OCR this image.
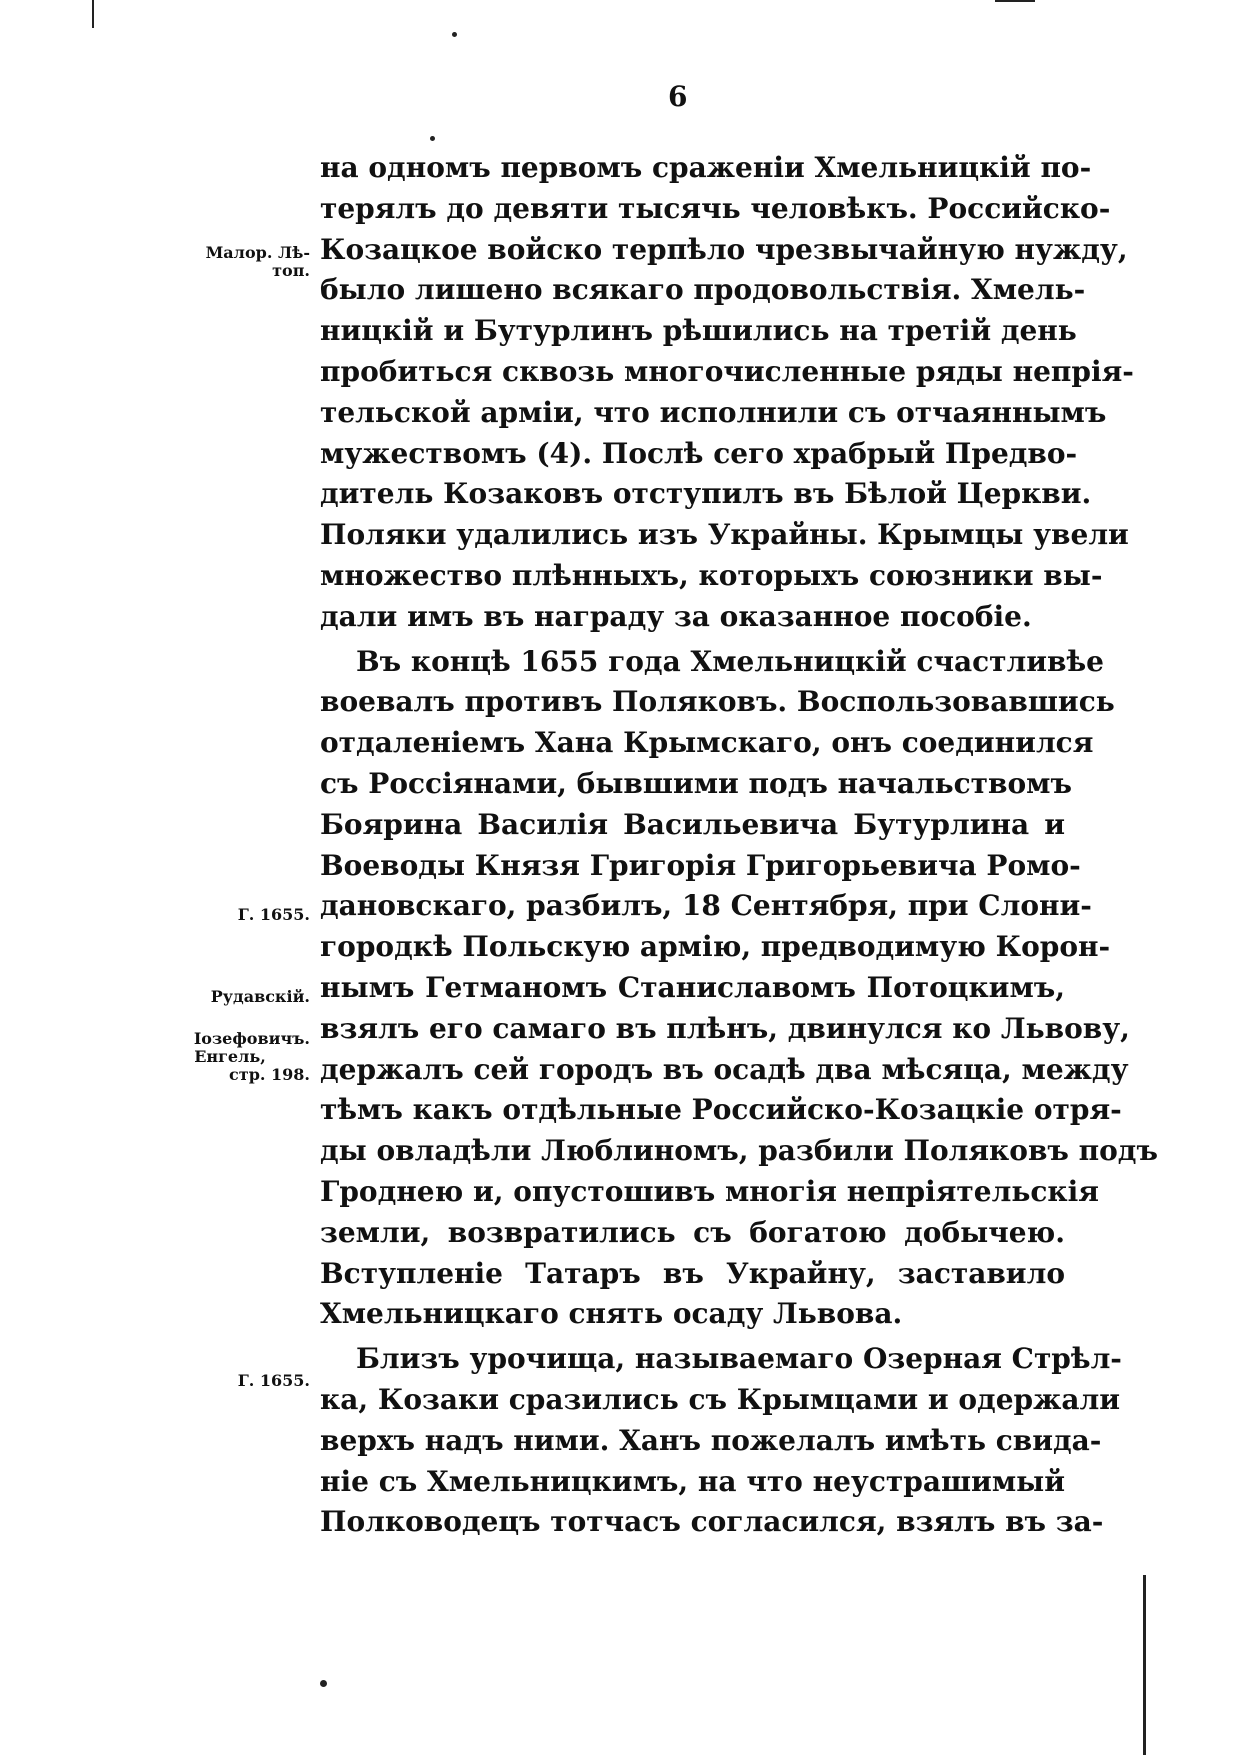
6
Малор. Лѣ-
топ.
Г. 1655.
Рудавскій.
Іозефовичъ.
Енгель,
стр. 198.
Г. 1655.
на одномъ первомъ сраженіи Хмельницкій по-
терялъ до девяти тысячь человѣкъ. Российско-
Козацкое войско терпѣло чрезвычайную нужду,
было лишено всякаго продовольствія. Хмель-
ницкій и Бутурлинъ рѣшились на третій день
пробиться сквозь многочисленные ряды непрія-
тельской арміи, что исполнили съ отчаяннымъ
мужествомъ (4). Послѣ сего храбрый Предво-
дитель Козаковъ отступилъ въ Бѣлой Церкви.
Поляки удалились изъ Украйны. Крымцы увели
множество плѣнныхъ, которыхъ союзники вы-
дали имъ въ награду за оказанное пособіе.
Въ концѣ 1655 года Хмельницкій счастливѣе
воевалъ противъ Поляковъ. Воспользовавшись
отдаленіемъ Хана Крымскаго, онъ соединился
съ Россіянами, бывшими подъ начальствомъ
Боярина Василія Васильевича Бутурлина и
Воеводы Князя Григорія Григорьевича Ромо-
дановскаго, разбилъ, 18 Сентября, при Слони-
городкѣ Польскую армію, предводимую Корон-
нымъ Гетманомъ Станиславомъ Потоцкимъ,
взялъ его самаго въ плѣнъ, двинулся ко Львову,
держалъ сей городъ въ осадѣ два мѣсяца, между
тѣмъ какъ отдѣльные Российско-Козацкіе отря-
ды овладѣли Люблиномъ, разбили Поляковъ подъ
Гроднею и, опустошивъ многія непріятельскія
земли, возвратились съ богатою добычею.
Вступленіе Татаръ въ Украйну, заставило
Хмельницкаго снять осаду Львова.
Близъ урочища, называемаго Озерная Стрѣл-
ка, Козаки сразились съ Крымцами и одержали
верхъ надъ ними. Ханъ пожелалъ имѣть свида-
ніе съ Хмельницкимъ, на что неустрашимый
Полководецъ тотчасъ согласился, взялъ въ за-
